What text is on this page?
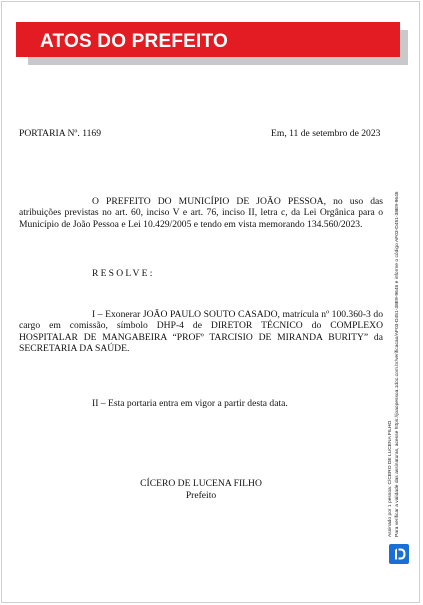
ATOS DO PREFEITO
PORTARIA Nº. 1169	Em, 11 de setembro de 2023
O PREFEITO DO MUNICÍPIO DE JOÃO PESSOA, no uso das atribuições previstas no art. 60, inciso V e art. 76, inciso II, letra c, da Lei Orgânica para o Município de João Pessoa e Lei 10.429/2005 e tendo em vista memorando 134.560/2023.
RESOLVE:
I – Exonerar JOÃO PAULO SOUTO CASADO, matrícula nº 100.360-3 do cargo em comissão, símbolo DHP-4 de DIRETOR TÉCNICO do COMPLEXO HOSPITALAR DE MANGABEIRA “PROFº TARCISIO DE MIRANDA BURITY” da SECRETARIA DA SAÚDE.
II – Esta portaria entra em vigor a partir desta data.
CÍCERO DE LUCENA FILHO
Prefeito	Assinado por 1 pessoa: CÍCERO DE LUCENA FILHO Para verificar a validade das assinaturas, acesse https://joaopessoa.1doc.com.br/verificacao/AF03-D451-38E9-9645 e informe o código AF03-D451-38E9-9645
